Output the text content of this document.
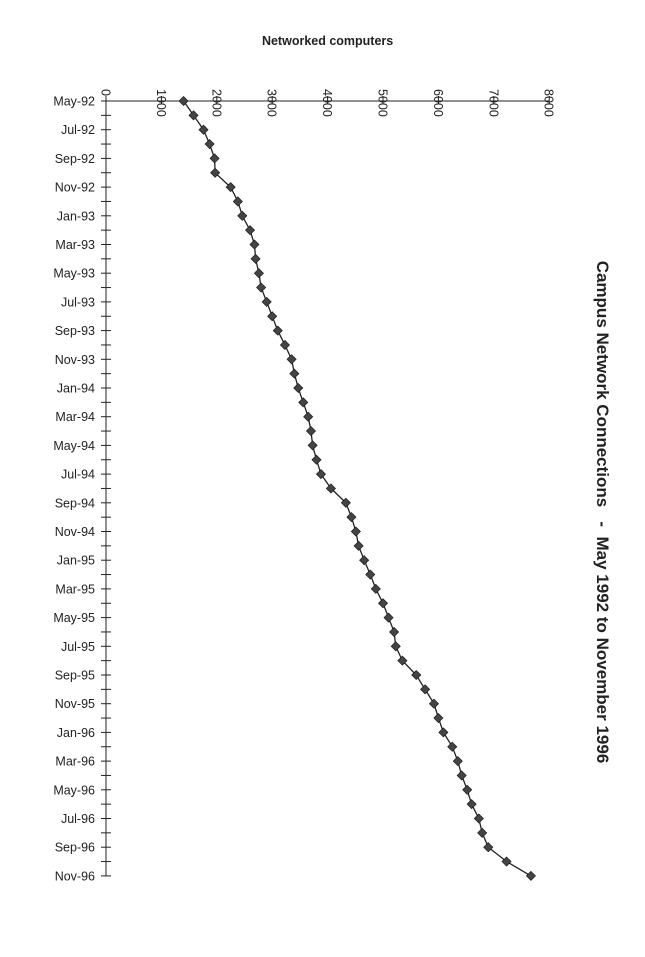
May-92
Jul-92
Sep-92
Nov-92
Jan-93
Mar-93
May-93
Jul-93
Sep-93
Nov-93
Jan-94
Mar-94
May-94
Jul-94
Sep-94
Nov-94
Jan-95
Mar-95
May-95
Jul-95
Sep-95
Nov-95
Jan-96
Mar-96
May-96
Jul-96
Sep-96
Nov-96
0	1000	2000	3000	4000	5000	6000	7000	8000
Networked computers
Campus Network Connections   -  May 1992 to November 1996
